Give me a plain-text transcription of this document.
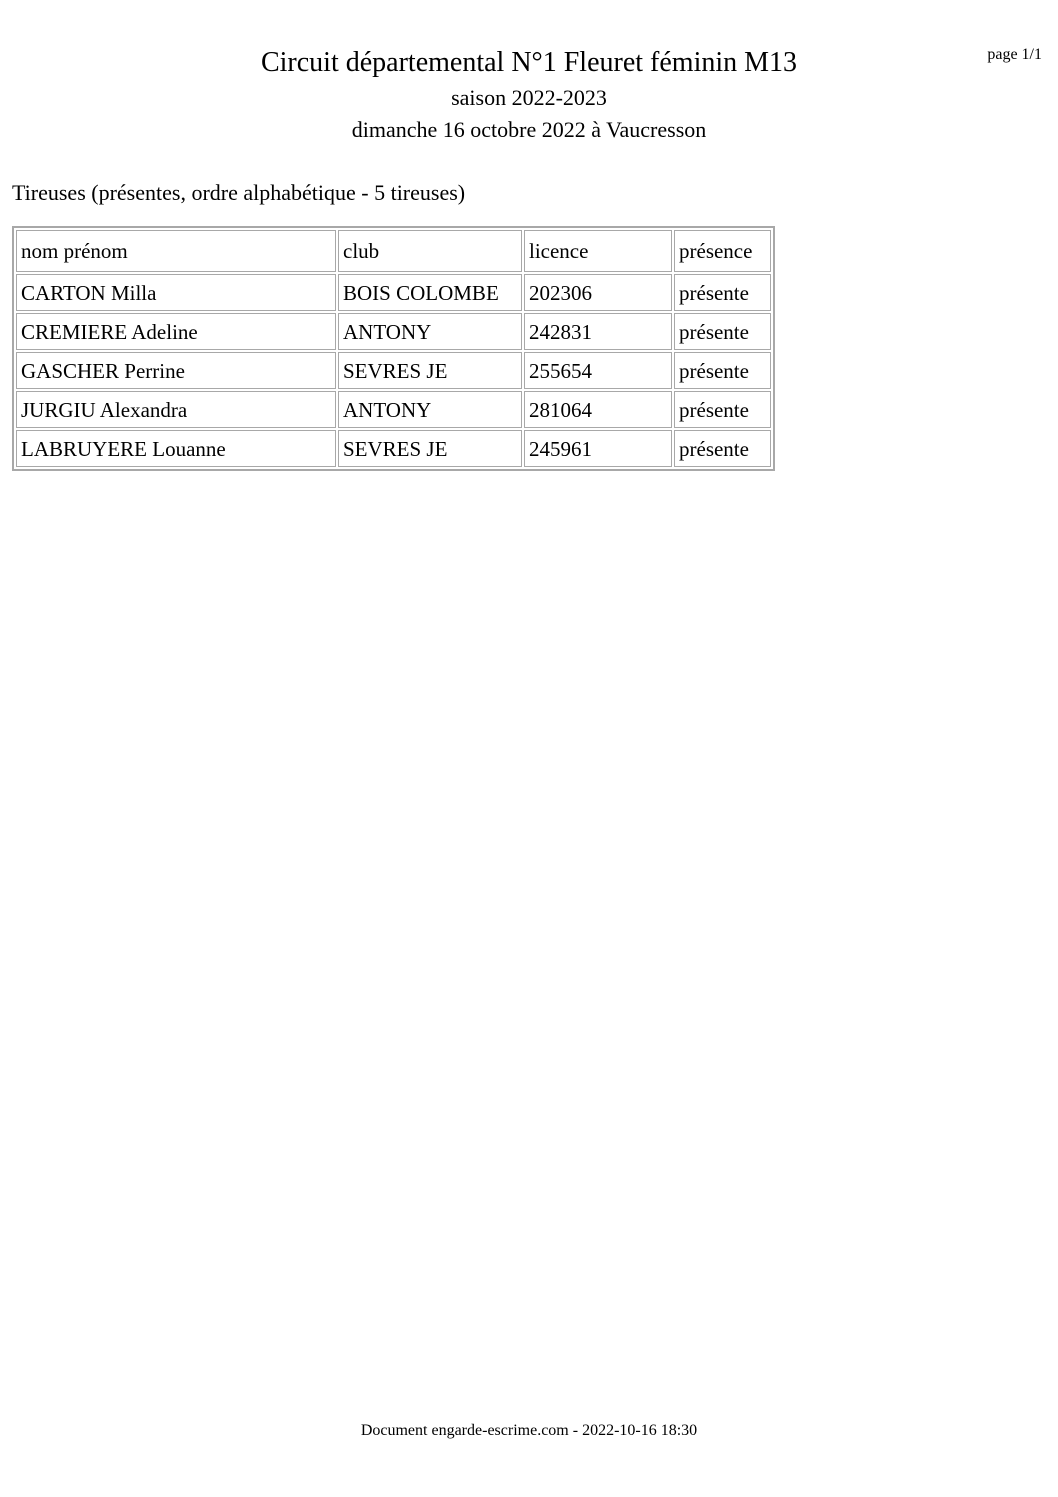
page 1/1
Circuit départemental N°1 Fleuret féminin M13
saison 2022-2023
dimanche 16 octobre 2022 à Vaucresson
Tireuses (présentes, ordre alphabétique - 5 tireuses)
nom prénom	club	licence	présence
CARTON Milla	BOIS COLOMBE	202306	présente
CREMIERE Adeline	ANTONY	242831	présente
GASCHER Perrine	SEVRES JE	255654	présente
JURGIU Alexandra	ANTONY	281064	présente
LABRUYERE Louanne	SEVRES JE	245961	présente
Document engarde-escrime.com - 2022-10-16 18:30
